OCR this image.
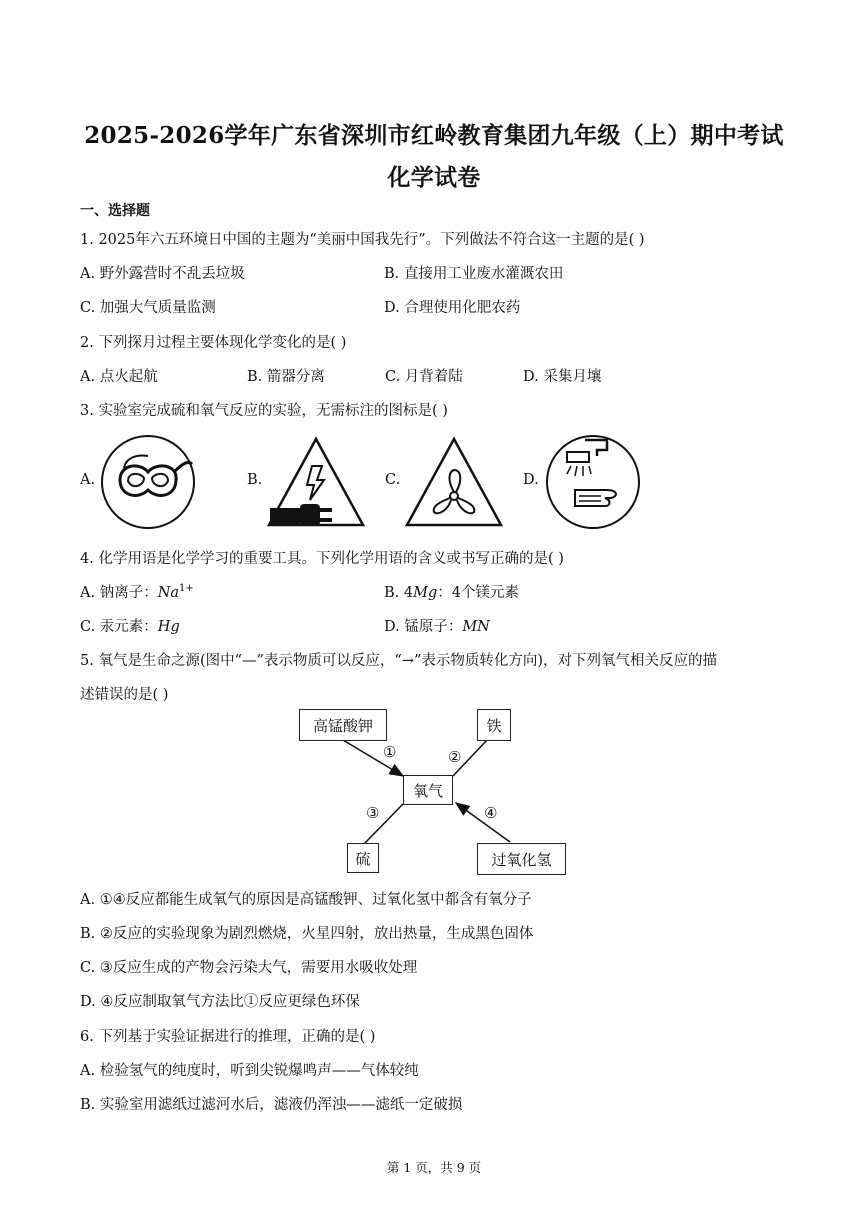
2025-2026学年广东省深圳市红岭教育集团九年级（上）期中考试
化学试卷
一、选择题
1. 2025年六五环境日中国的主题为“美丽中国我先行”。下列做法不符合这一主题的是( )
A. 野外露营时不乱丢垃圾	B. 直接用工业废水灌溉农田
C. 加强大气质量监测	D. 合理使用化肥农药
2. 下列探月过程主要体现化学变化的是( )
A. 点火起航	B. 箭器分离	C. 月背着陆	D. 采集月壤
3. 实验室完成硫和氧气反应的实验，无需标注的图标是( )
A.	B.	C.	D.
4. 化学用语是化学学习的重要工具。下列化学用语的含义或书写正确的是( )
A. 钠离子：$Na^{1+}$	B. 4Mg：4个镁元素
C. 汞元素：Hg	D. 锰原子：MN
5. 氧气是生命之源(图中“—”表示物质可以反应，“→”表示物质转化方向)，对下列氧气相关反应的描
述错误的是( )
高锰酸钾	铁
氧气
硫	过氧化氢
①	②
③	④
A. ①④反应都能生成氧气的原因是高锰酸钾、过氧化氢中都含有氧分子
B. ②反应的实验现象为剧烈燃烧，火星四射，放出热量，生成黑色固体
C. ③反应生成的产物会污染大气，需要用水吸收处理
D. ④反应制取氧气方法比①反应更绿色环保
6. 下列基于实验证据进行的推理，正确的是( )
A. 检验氢气的纯度时，听到尖锐爆鸣声——气体较纯
B. 实验室用滤纸过滤河水后，滤液仍浑浊——滤纸一定破损
第 1 页，共 9 页
